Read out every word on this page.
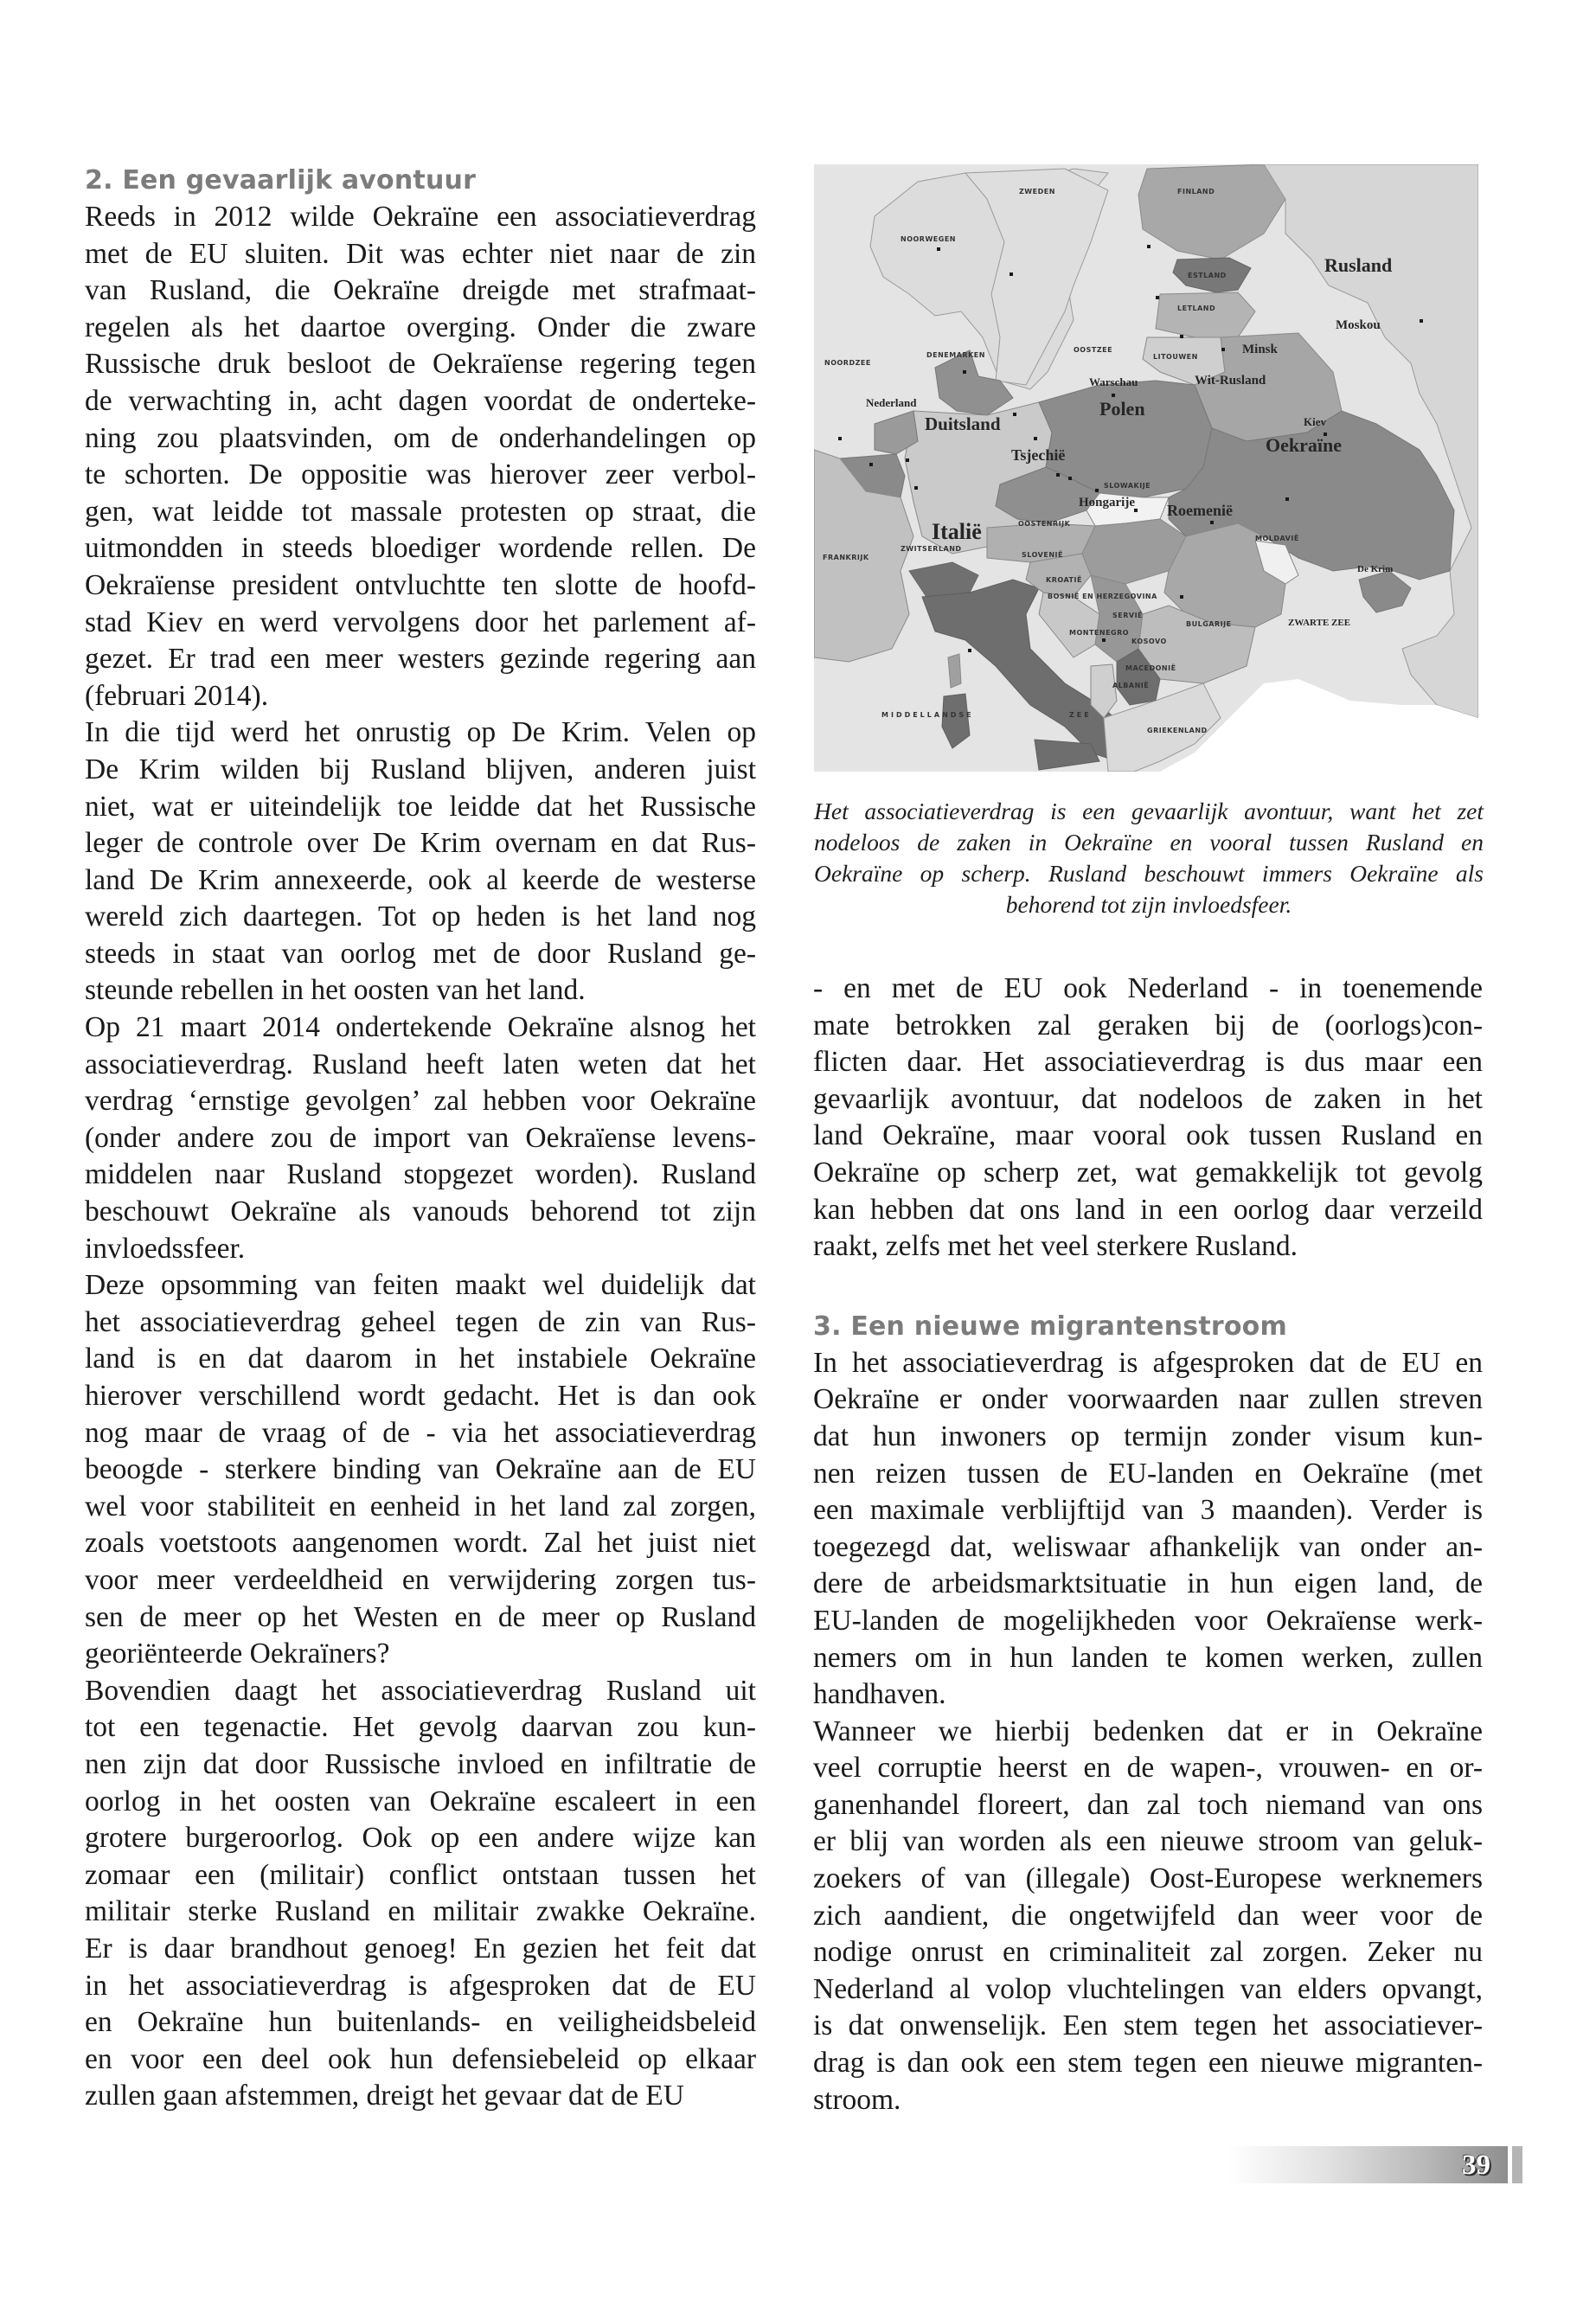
2. Een gevaarlijk avontuur
Reeds in 2012 wilde Oekraïne een associatieverdrag
met de EU sluiten. Dit was echter niet naar de zin
van Rusland, die Oekraïne dreigde met strafmaat-
regelen als het daartoe overging. Onder die zware
Russische druk besloot de Oekraïense regering tegen
de verwachting in, acht dagen voordat de onderteke-
ning zou plaatsvinden, om de onderhandelingen op
te schorten. De oppositie was hierover zeer verbol-
gen, wat leidde tot massale protesten op straat, die
uitmondden in steeds bloediger wordende rellen. De
Oekraïense president ontvluchtte ten slotte de hoofd-
stad Kiev en werd vervolgens door het parlement af-
gezet. Er trad een meer westers gezinde regering aan
(februari 2014).
In die tijd werd het onrustig op De Krim. Velen op
De Krim wilden bij Rusland blijven, anderen juist
niet, wat er uiteindelijk toe leidde dat het Russische
leger de controle over De Krim overnam en dat Rus-
land De Krim annexeerde, ook al keerde de westerse
wereld zich daartegen. Tot op heden is het land nog
steeds in staat van oorlog met de door Rusland ge-
steunde rebellen in het oosten van het land.
Op 21 maart 2014 ondertekende Oekraïne alsnog het
associatieverdrag. Rusland heeft laten weten dat het
verdrag ‘ernstige gevolgen’ zal hebben voor Oekraïne
(onder andere zou de import van Oekraïense levens-
middelen naar Rusland stopgezet worden). Rusland
beschouwt Oekraïne als vanouds behorend tot zijn
invloedssfeer.
Deze opsomming van feiten maakt wel duidelijk dat
het associatieverdrag geheel tegen de zin van Rus-
land is en dat daarom in het instabiele Oekraïne
hierover verschillend wordt gedacht. Het is dan ook
nog maar de vraag of de - via het associatieverdrag
beoogde - sterkere binding van Oekraïne aan de EU
wel voor stabiliteit en eenheid in het land zal zorgen,
zoals voetstoots aangenomen wordt. Zal het juist niet
voor meer verdeeldheid en verwijdering zorgen tus-
sen de meer op het Westen en de meer op Rusland
georiënteerde Oekraïners?
Bovendien daagt het associatieverdrag Rusland uit
tot een tegenactie. Het gevolg daarvan zou kun-
nen zijn dat door Russische invloed en infiltratie de
oorlog in het oosten van Oekraïne escaleert in een
grotere burgeroorlog. Ook op een andere wijze kan
zomaar een (militair) conflict ontstaan tussen het
militair sterke Rusland en militair zwakke Oekraïne.
Er is daar brandhout genoeg! En gezien het feit dat
in het associatieverdrag is afgesproken dat de EU
en Oekraïne hun buitenlands- en veiligheidsbeleid
en voor een deel ook hun defensiebeleid op elkaar
zullen gaan afstemmen, dreigt het gevaar dat de EU
Rusland
Moskou
Minsk
Wit-Rusland
Warschau
Polen
Duitsland
Nederland
Kiev
Oekraïne
Tsjechië
Hongarije Roemenië
Italië
De Krim
ZWARTE ZEE
ZWEDEN	FINLAND
NOORWEGEN
NOORDZEE
OOSTZEE
DENEMARKEN
ESTLAND
LETLAND
LITOUWEN
SLOWAKIJE
OOSTENRIJK
ZWITSERLAND
FRANKRIJK	SLOVENIË
KROATIË
BOSNIË EN HERZEGOVINA
SERVIË
MONTENEGRO
KOSOVO
MACEDONIË
ALBANIË
BULGARIJE
MOLDAVIË
GRIEKENLAND
MIDDELLANDSE	ZEE
Het associatieverdrag is een gevaarlijk avontuur, want het zet
nodeloos de zaken in Oekraïne en vooral tussen Rusland en
Oekraïne op scherp. Rusland beschouwt immers Oekraïne als
behorend tot zijn invloedsfeer.
- en met de EU ook Nederland - in toenemende
mate betrokken zal geraken bij de (oorlogs)con-
flicten daar. Het associatieverdrag is dus maar een
gevaarlijk avontuur, dat nodeloos de zaken in het
land Oekraïne, maar vooral ook tussen Rusland en
Oekraïne op scherp zet, wat gemakkelijk tot gevolg
kan hebben dat ons land in een oorlog daar verzeild
raakt, zelfs met het veel sterkere Rusland.
3. Een nieuwe migrantenstroom
In het associatieverdrag is afgesproken dat de EU en
Oekraïne er onder voorwaarden naar zullen streven
dat hun inwoners op termijn zonder visum kun-
nen reizen tussen de EU-landen en Oekraïne (met
een maximale verblijftijd van 3 maanden). Verder is
toegezegd dat, weliswaar afhankelijk van onder an-
dere de arbeidsmarktsituatie in hun eigen land, de
EU-landen de mogelijkheden voor Oekraïense werk-
nemers om in hun landen te komen werken, zullen
handhaven.
Wanneer we hierbij bedenken dat er in Oekraïne
veel corruptie heerst en de wapen-, vrouwen- en or-
ganenhandel floreert, dan zal toch niemand van ons
er blij van worden als een nieuwe stroom van geluk-
zoekers of van (illegale) Oost-Europese werknemers
zich aandient, die ongetwijfeld dan weer voor de
nodige onrust en criminaliteit zal zorgen. Zeker nu
Nederland al volop vluchtelingen van elders opvangt,
is dat onwenselijk. Een stem tegen het associatiever-
drag is dan ook een stem tegen een nieuwe migranten-
stroom.
39
